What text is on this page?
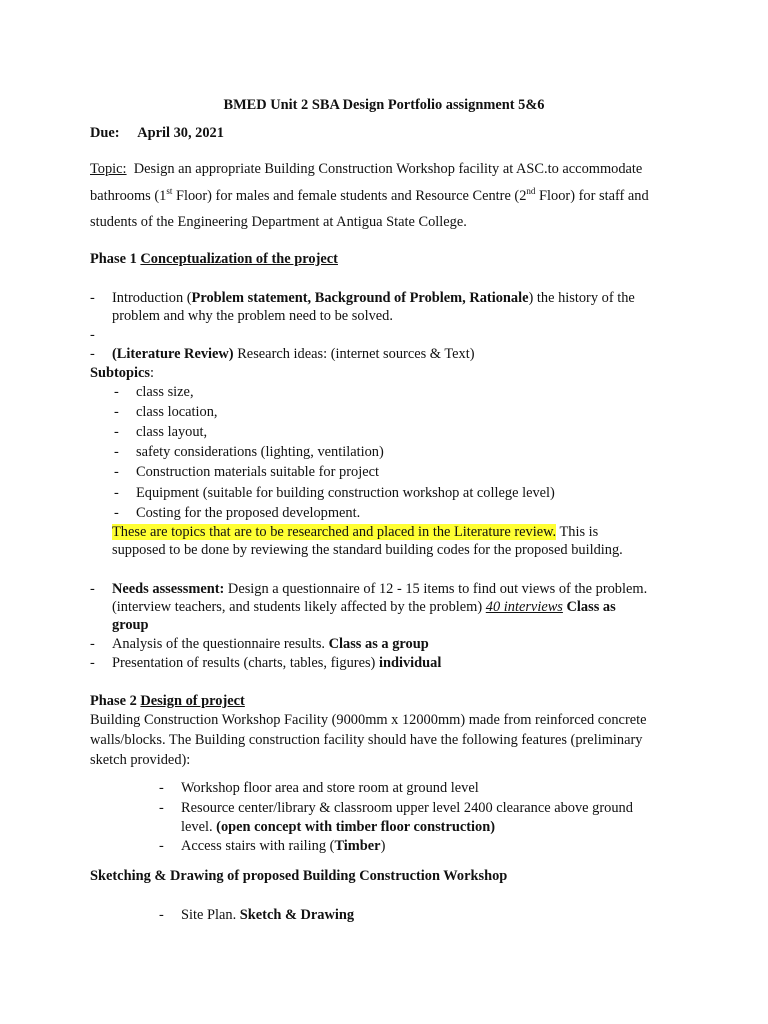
BMED Unit 2 SBA Design Portfolio assignment 5&6
Due: April 30, 2021
Topic: Design an appropriate Building Construction Workshop facility at ASC.to accommodate
bathrooms (1st Floor) for males and female students and Resource Centre (2nd Floor) for staff and
students of the Engineering Department at Antigua State College.
Phase 1 Conceptualization of the project
- Introduction (Problem statement, Background of Problem, Rationale) the history of the
problem and why the problem need to be solved.
-
- (Literature Review) Research ideas: (internet sources & Text)
Subtopics:
- class size,
- class location,
- class layout,
- safety considerations (lighting, ventilation)
- Construction materials suitable for project
- Equipment (suitable for building construction workshop at college level)
- Costing for the proposed development.
These are topics that are to be researched and placed in the Literature review. This is
supposed to be done by reviewing the standard building codes for the proposed building.
- Needs assessment: Design a questionnaire of 12 - 15 items to find out views of the problem.
(interview teachers, and students likely affected by the problem) 40 interviews Class as
group
- Analysis of the questionnaire results. Class as a group
- Presentation of results (charts, tables, figures) individual
Phase 2 Design of project
Building Construction Workshop Facility (9000mm x 12000mm) made from reinforced concrete
walls/blocks. The Building construction facility should have the following features (preliminary
sketch provided):
- Workshop floor area and store room at ground level
- Resource center/library & classroom upper level 2400 clearance above ground
level. (open concept with timber floor construction)
- Access stairs with railing (Timber)
Sketching & Drawing of proposed Building Construction Workshop
- Site Plan. Sketch & Drawing
